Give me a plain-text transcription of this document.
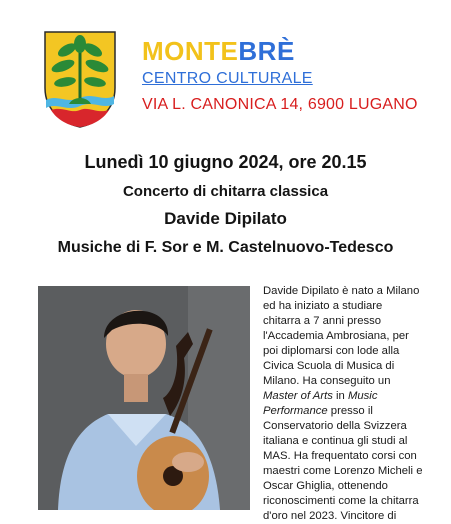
MONTEBRÈ
CENTRO CULTURALE
VIA L. CANONICA 14, 6900 LUGANO
Lunedì 10 giugno 2024, ore 20.15
Concerto di chitarra classica
Davide Dipilato
Musiche di F. Sor e M. Castelnuovo-Tedesco

Davide Dipilato è nato a Milano ed ha iniziato a studiare chitarra a 7 anni presso l'Accademia Ambrosiana, per poi diplomarsi con lode alla Civica Scuola di Musica di Milano. Ha conseguito un Master of Arts in Music Performance presso il Conservatorio della Svizzera italiana e continua gli studi al MAS. Ha frequentato corsi con maestri come Lorenzo Micheli e Oscar Ghiglia, ottenendo riconoscimenti come la chitarra d'oro nel 2023. Vincitore di
